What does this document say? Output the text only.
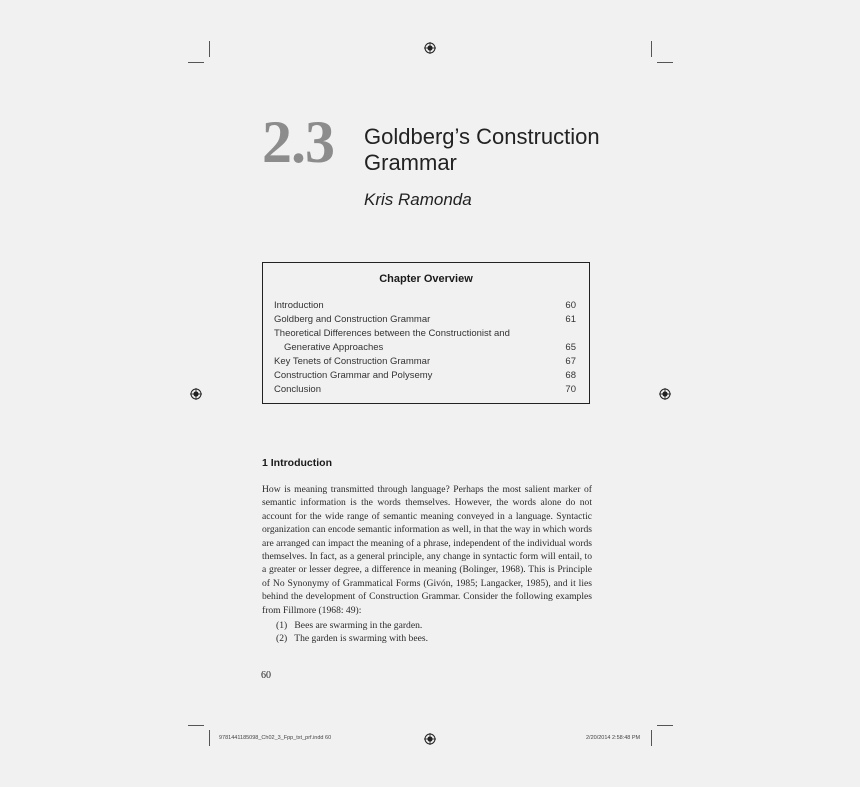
2.3 Goldberg’s Construction Grammar
Kris Ramonda
Chapter Overview
Introduction	60
Goldberg and Construction Grammar	61
Theoretical Differences between the Constructionist and
Generative Approaches	65
Key Tenets of Construction Grammar	67
Construction Grammar and Polysemy	68
Conclusion	70
1 Introduction
How is meaning transmitted through language? Perhaps the most salient marker of semantic information is the words themselves. However, the words alone do not account for the wide range of semantic meaning conveyed in a language. Syntactic organization can encode semantic information as well, in that the way in which words are arranged can impact the meaning of a phrase, independent of the individual words themselves. In fact, as a general principle, any change in syntactic form will entail, to a greater or lesser degree, a difference in meaning (Bolinger, 1968). This is Principle of No Synonymy of Grammatical Forms (Givón, 1985; Langacker, 1985), and it lies behind the development of Construction Grammar. Consider the following examples from Fillmore (1968: 49):
(1) Bees are swarming in the garden.
(2) The garden is swarming with bees.
60
9781441185098_Ch02_3_Fpp_txt_prf.indd 60	2/20/2014 2:58:48 PM
